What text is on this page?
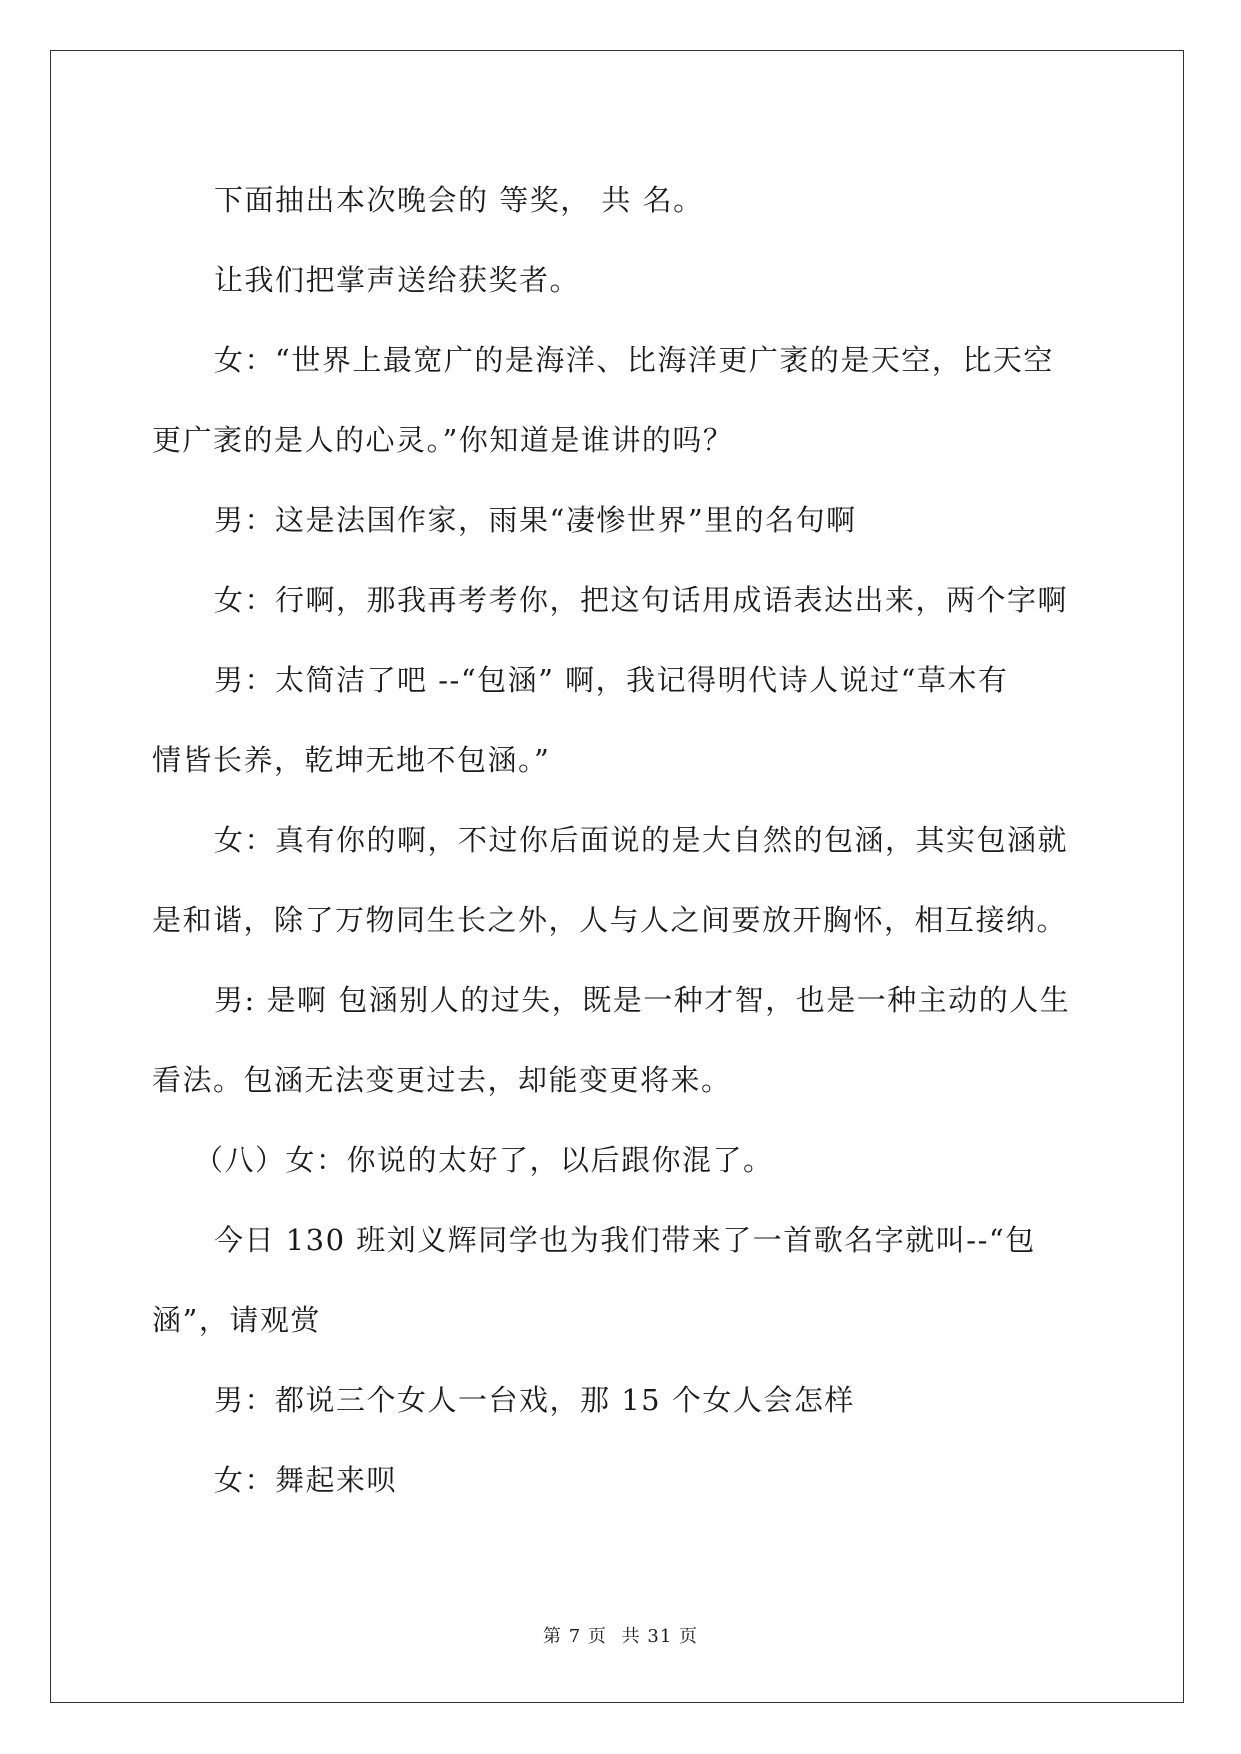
下面抽出本次晚会的 等奖， 共 名。

让我们把掌声送给获奖者。

女：“世界上最宽广的是海洋、比海洋更广袤的是天空，比天空

更广袤的是人的心灵。”你知道是谁讲的吗？

男：这是法国作家，雨果“凄惨世界”里的名句啊

女：行啊，那我再考考你，把这句话用成语表达出来，两个字啊

男：太简洁了吧 --“包涵” 啊，我记得明代诗人说过“草木有

情皆长养，乾坤无地不包涵。”

女：真有你的啊，不过你后面说的是大自然的包涵，其实包涵就

是和谐，除了万物同生长之外，人与人之间要放开胸怀，相互接纳。

男: 是啊 包涵别人的过失，既是一种才智，也是一种主动的人生

看法。包涵无法变更过去，却能变更将来。

（八）女：你说的太好了，以后跟你混了。

今日 130 班刘义辉同学也为我们带来了一首歌名字就叫--“包

涵”，请观赏

男：都说三个女人一台戏，那 15 个女人会怎样

女：舞起来呗

第 7 页 共 31 页
